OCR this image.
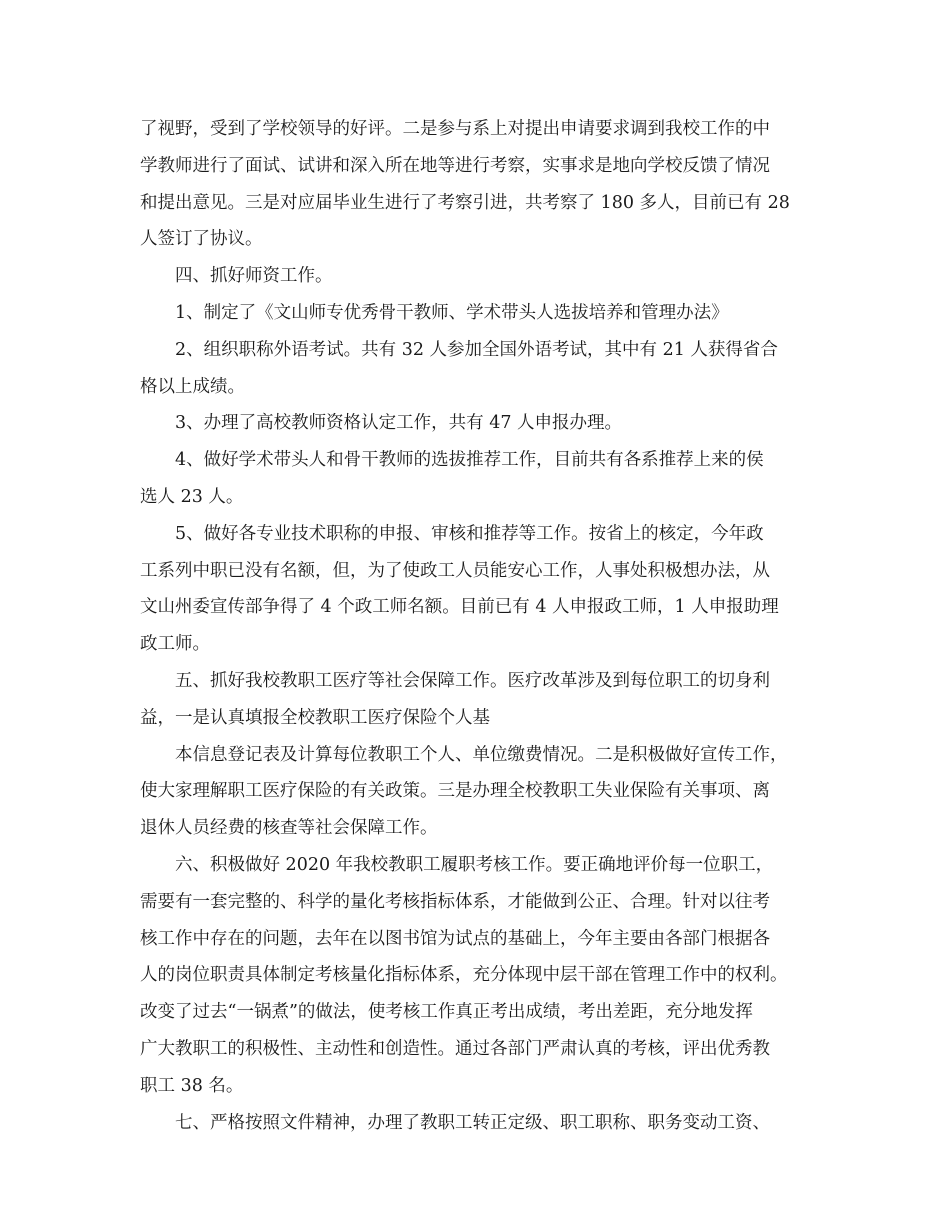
了视野，受到了学校领导的好评。二是参与系上对提出申请要求调到我校工作的中
学教师进行了面试、试讲和深入所在地等进行考察，实事求是地向学校反馈了情况
和提出意见。三是对应届毕业生进行了考察引进，共考察了 180 多人，目前已有 28
人签订了协议。
四、抓好师资工作。
1、制定了《文山师专优秀骨干教师、学术带头人选拔培养和管理办法》
2、组织职称外语考试。共有 32 人参加全国外语考试，其中有 21 人获得省合
格以上成绩。
3、办理了高校教师资格认定工作，共有 47 人申报办理。
4、做好学术带头人和骨干教师的选拔推荐工作，目前共有各系推荐上来的侯
选人 23 人。
5、做好各专业技术职称的申报、审核和推荐等工作。按省上的核定，今年政
工系列中职已没有名额，但，为了使政工人员能安心工作，人事处积极想办法，从
文山州委宣传部争得了 4 个政工师名额。目前已有 4 人申报政工师，1 人申报助理
政工师。
五、抓好我校教职工医疗等社会保障工作。医疗改革涉及到每位职工的切身利
益，一是认真填报全校教职工医疗保险个人基
本信息登记表及计算每位教职工个人、单位缴费情况。二是积极做好宣传工作，
使大家理解职工医疗保险的有关政策。三是办理全校教职工失业保险有关事项、离
退休人员经费的核查等社会保障工作。
六、积极做好 2020 年我校教职工履职考核工作。要正确地评价每一位职工，
需要有一套完整的、科学的量化考核指标体系，才能做到公正、合理。针对以往考
核工作中存在的问题，去年在以图书馆为试点的基础上，今年主要由各部门根据各
人的岗位职责具体制定考核量化指标体系，充分体现中层干部在管理工作中的权利。
改变了过去“一锅煮”的做法，使考核工作真正考出成绩，考出差距，充分地发挥
广大教职工的积极性、主动性和创造性。通过各部门严肃认真的考核，评出优秀教
职工 38 名。
七、严格按照文件精神，办理了教职工转正定级、职工职称、职务变动工资、
